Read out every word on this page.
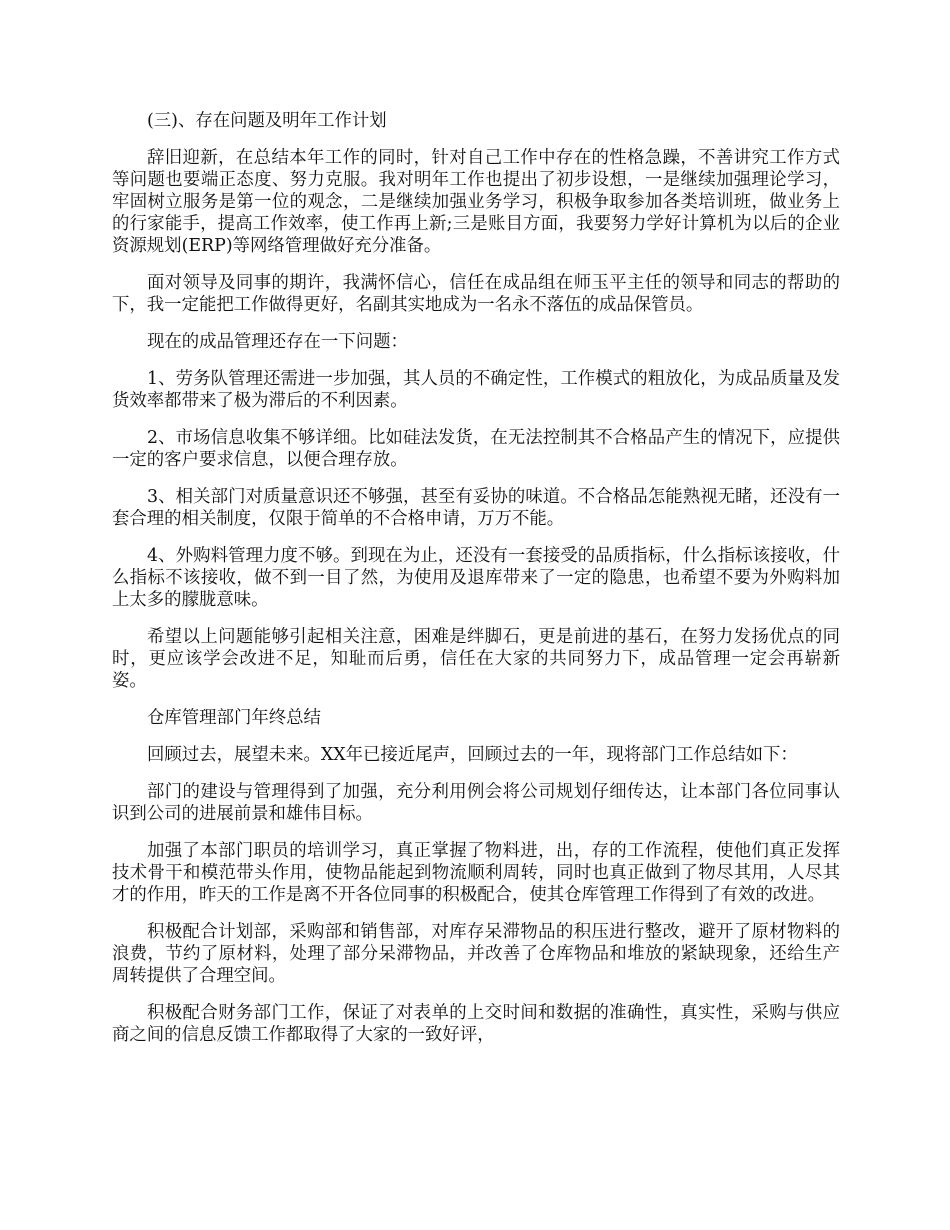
(三)、存在问题及明年工作计划

辞旧迎新，在总结本年工作的同时，针对自己工作中存在的性格急躁，不善讲究工作方式等问题也要端正态度、努力克服。我对明年工作也提出了初步设想，一是继续加强理论学习，牢固树立服务是第一位的观念，二是继续加强业务学习，积极争取参加各类培训班，做业务上的行家能手，提高工作效率，使工作再上新;三是账目方面，我要努力学好计算机为以后的企业资源规划(ERP)等网络管理做好充分准备。

面对领导及同事的期许，我满怀信心，信任在成品组在师玉平主任的领导和同志的帮助的下，我一定能把工作做得更好，名副其实地成为一名永不落伍的成品保管员。

现在的成品管理还存在一下问题：

1、劳务队管理还需进一步加强，其人员的不确定性，工作模式的粗放化，为成品质量及发货效率都带来了极为滞后的不利因素。

2、市场信息收集不够详细。比如硅法发货，在无法控制其不合格品产生的情况下，应提供一定的客户要求信息，以便合理存放。

3、相关部门对质量意识还不够强，甚至有妥协的味道。不合格品怎能熟视无睹，还没有一套合理的相关制度，仅限于简单的不合格申请，万万不能。

4、外购料管理力度不够。到现在为止，还没有一套接受的品质指标，什么指标该接收，什么指标不该接收，做不到一目了然，为使用及退库带来了一定的隐患，也希望不要为外购料加上太多的朦胧意味。

希望以上问题能够引起相关注意，困难是绊脚石，更是前进的基石，在努力发扬优点的同时，更应该学会改进不足，知耻而后勇，信任在大家的共同努力下，成品管理一定会再崭新姿。

仓库管理部门年终总结

回顾过去，展望未来。XX年已接近尾声，回顾过去的一年，现将部门工作总结如下：

部门的建设与管理得到了加强，充分利用例会将公司规划仔细传达，让本部门各位同事认识到公司的进展前景和雄伟目标。

加强了本部门职员的培训学习，真正掌握了物料进，出，存的工作流程，使他们真正发挥技术骨干和模范带头作用，使物品能起到物流顺利周转，同时也真正做到了物尽其用，人尽其才的作用，昨天的工作是离不开各位同事的积极配合，使其仓库管理工作得到了有效的改进。

积极配合计划部，采购部和销售部，对库存呆滞物品的积压进行整改，避开了原材物料的浪费，节约了原材料，处理了部分呆滞物品，并改善了仓库物品和堆放的紧缺现象，还给生产周转提供了合理空间。

积极配合财务部门工作，保证了对表单的上交时间和数据的准确性，真实性，采购与供应商之间的信息反馈工作都取得了大家的一致好评，
